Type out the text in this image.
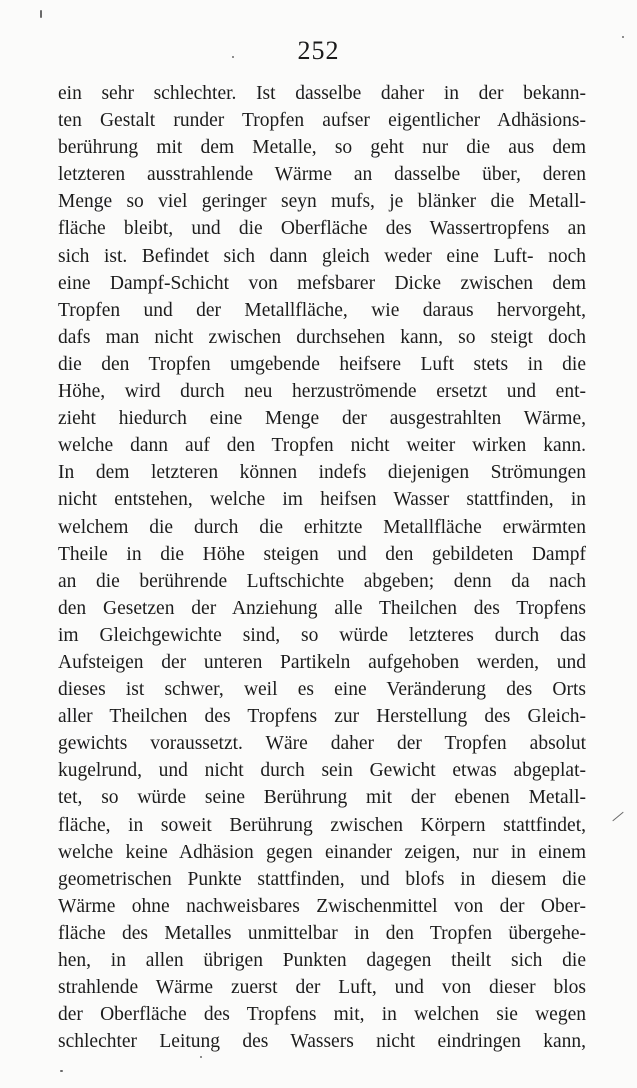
252
ein sehr schlechter. Ist dasselbe daher in der bekann-
ten Gestalt runder Tropfen aufser eigentlicher Adhäsions-
berührung mit dem Metalle, so geht nur die aus dem
letzteren ausstrahlende Wärme an dasselbe über, deren
Menge so viel geringer seyn mufs, je blänker die Metall-
fläche bleibt, und die Oberfläche des Wassertropfens an
sich ist. Befindet sich dann gleich weder eine Luft- noch
eine Dampf-Schicht von mefsbarer Dicke zwischen dem
Tropfen und der Metallfläche, wie daraus hervorgeht,
dafs man nicht zwischen durchsehen kann, so steigt doch
die den Tropfen umgebende heifsere Luft stets in die
Höhe, wird durch neu herzuströmende ersetzt und ent-
zieht hiedurch eine Menge der ausgestrahlten Wärme,
welche dann auf den Tropfen nicht weiter wirken kann.
In dem letzteren können indefs diejenigen Strömungen
nicht entstehen, welche im heifsen Wasser stattfinden, in
welchem die durch die erhitzte Metallfläche erwärmten
Theile in die Höhe steigen und den gebildeten Dampf
an die berührende Luftschichte abgeben; denn da nach
den Gesetzen der Anziehung alle Theilchen des Tropfens
im Gleichgewichte sind, so würde letzteres durch das
Aufsteigen der unteren Partikeln aufgehoben werden, und
dieses ist schwer, weil es eine Veränderung des Orts
aller Theilchen des Tropfens zur Herstellung des Gleich-
gewichts voraussetzt. Wäre daher der Tropfen absolut
kugelrund, und nicht durch sein Gewicht etwas abgeplat-
tet, so würde seine Berührung mit der ebenen Metall-
fläche, in soweit Berührung zwischen Körpern stattfindet,
welche keine Adhäsion gegen einander zeigen, nur in einem
geometrischen Punkte stattfinden, und blofs in diesem die
Wärme ohne nachweisbares Zwischenmittel von der Ober-
fläche des Metalles unmittelbar in den Tropfen übergehe-
hen, in allen übrigen Punkten dagegen theilt sich die
strahlende Wärme zuerst der Luft, und von dieser blos
der Oberfläche des Tropfens mit, in welchen sie wegen
schlechter Leitung des Wassers nicht eindringen kann,
